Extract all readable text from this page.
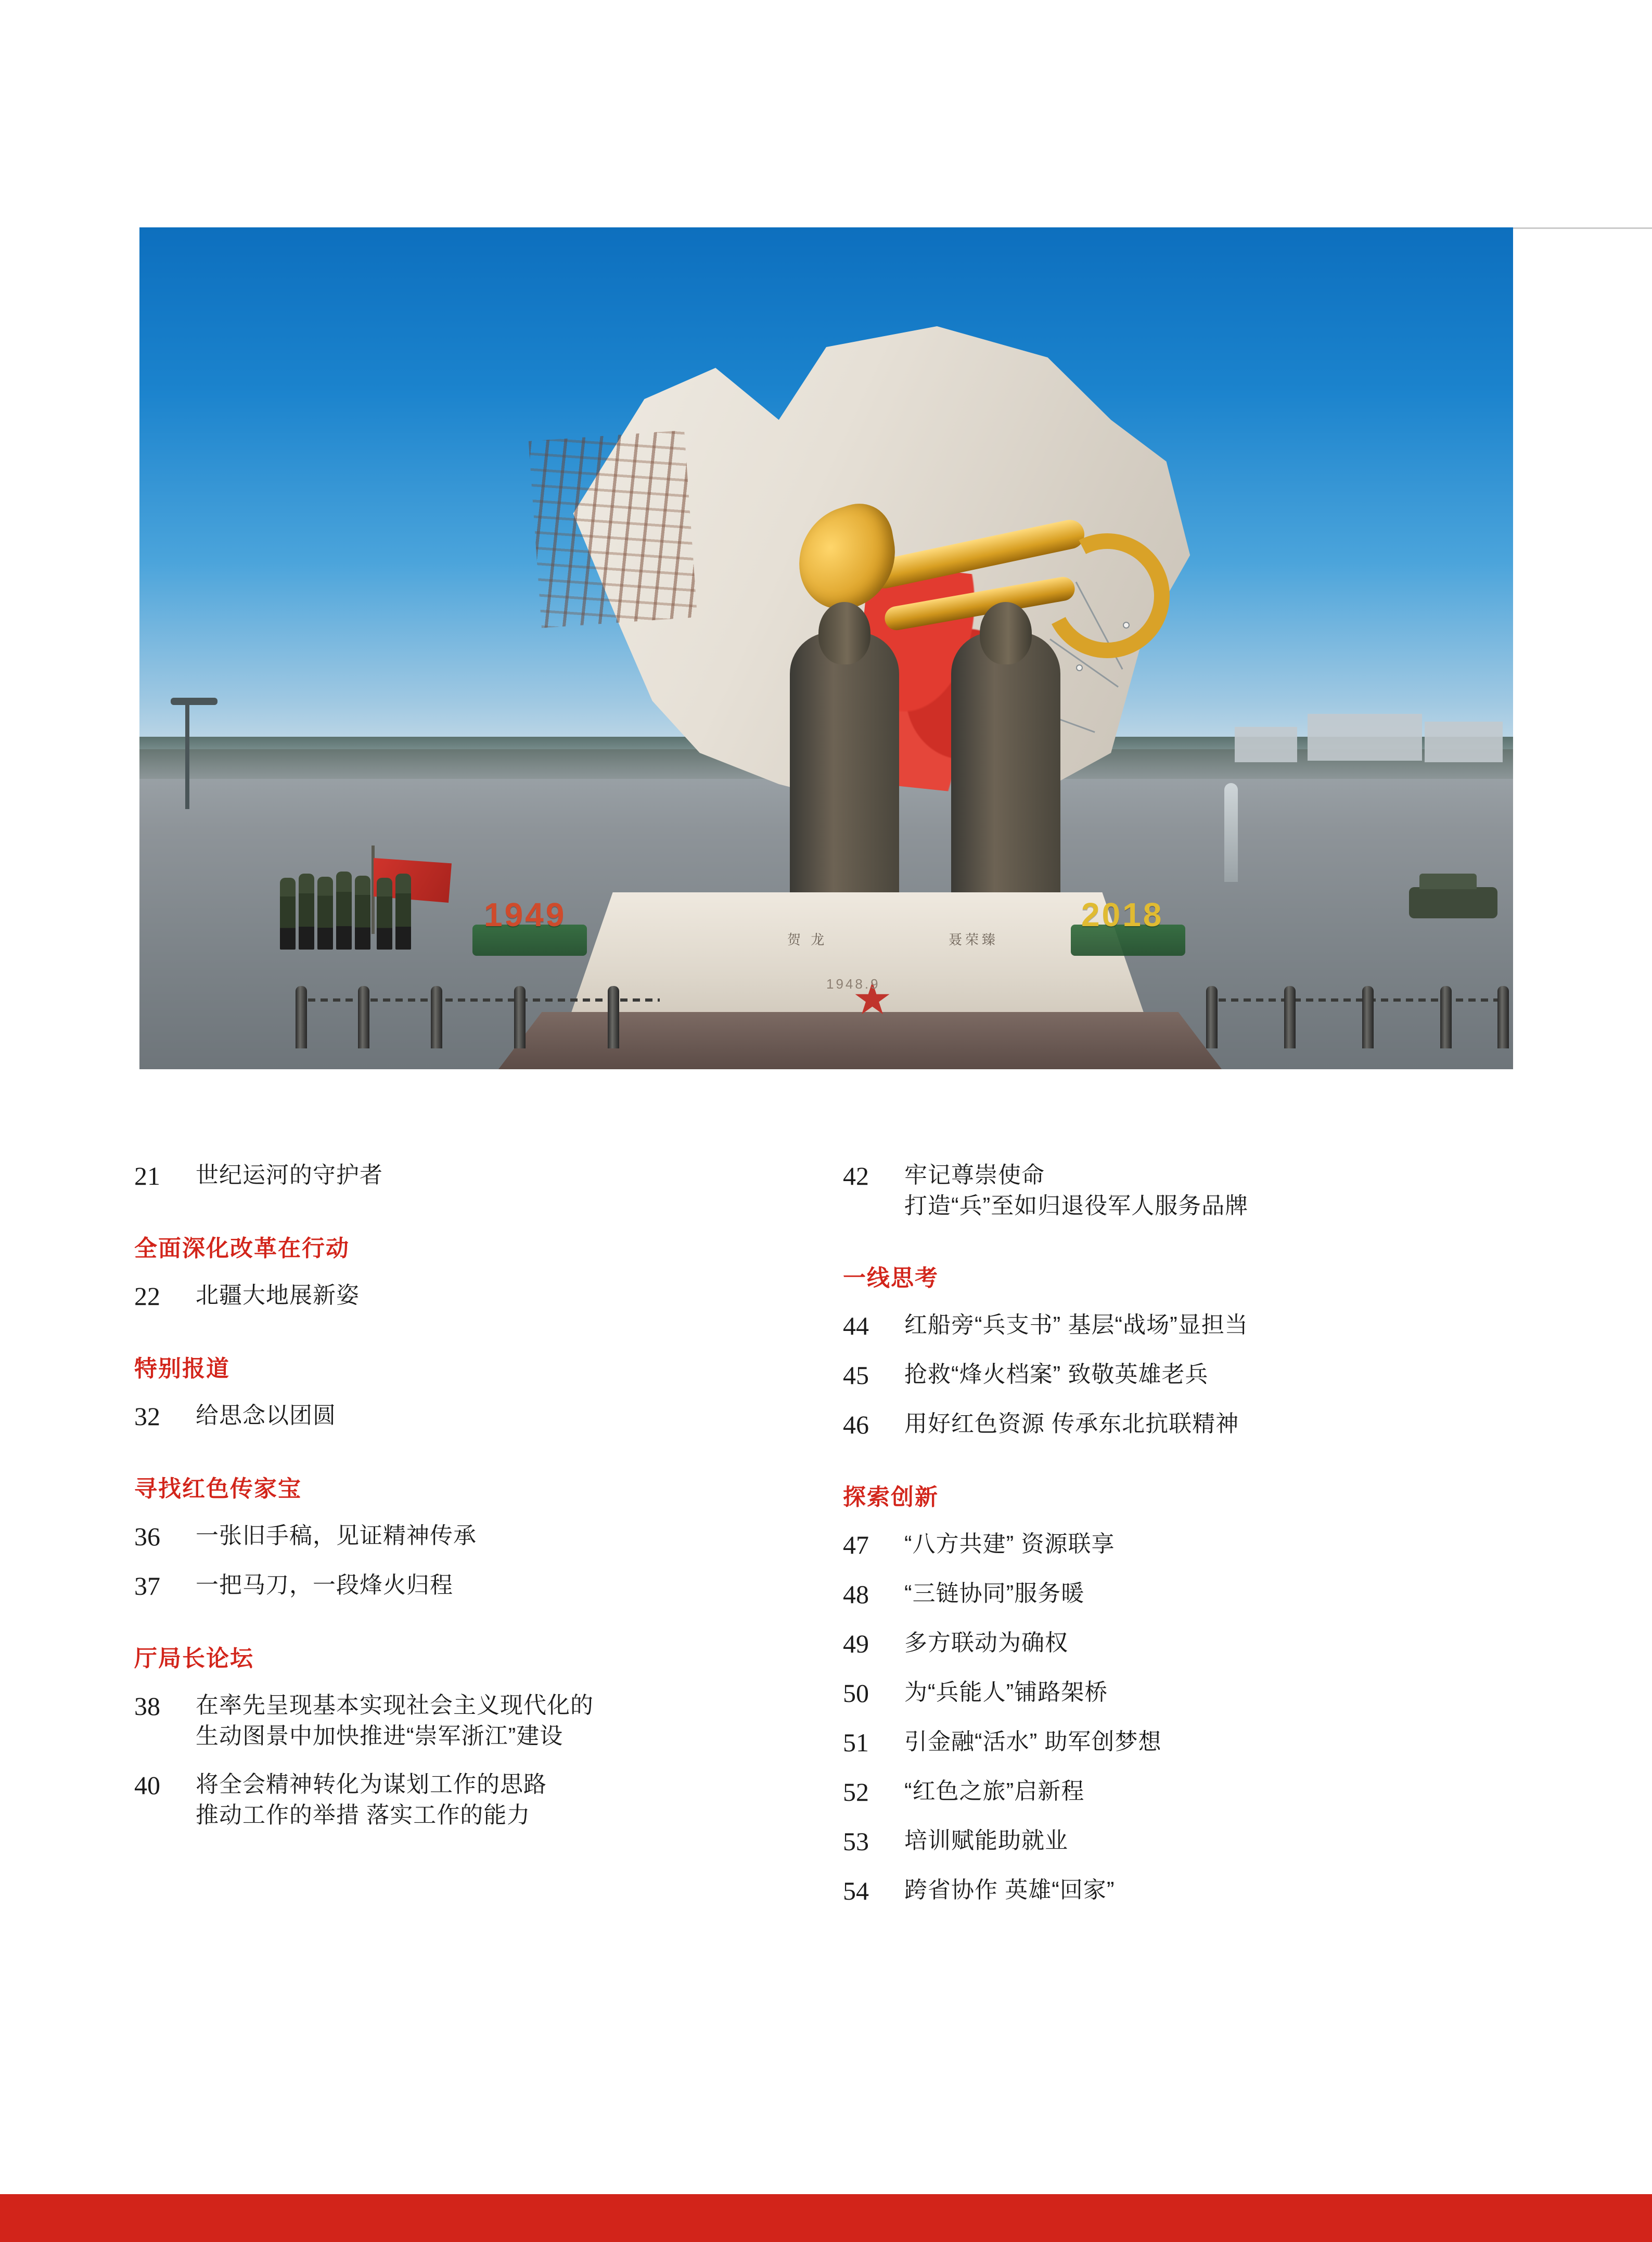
贺 龙	聂荣臻
1948.9
1949	2018
21	世纪运河的守护者
全面深化改革在行动
22	北疆大地展新姿
特别报道
32	给思念以团圆
寻找红色传家宝
36	一张旧手稿，见证精神传承
37	一把马刀，一段烽火归程
厅局长论坛
38	在率先呈现基本实现社会主义现代化的
生动图景中加快推进“崇军浙江”建设
40	将全会精神转化为谋划工作的思路
推动工作的举措 落实工作的能力
42	牢记尊崇使命
打造“兵”至如归退役军人服务品牌
一线思考
44	红船旁“兵支书” 基层“战场”显担当
45	抢救“烽火档案” 致敬英雄老兵
46	用好红色资源 传承东北抗联精神
探索创新
47	“八方共建” 资源联享
48	“三链协同”服务暖
49	多方联动为确权
50	为“兵能人”铺路架桥
51	引金融“活水” 助军创梦想
52	“红色之旅”启新程
53	培训赋能助就业
54	跨省协作 英雄“回家”
